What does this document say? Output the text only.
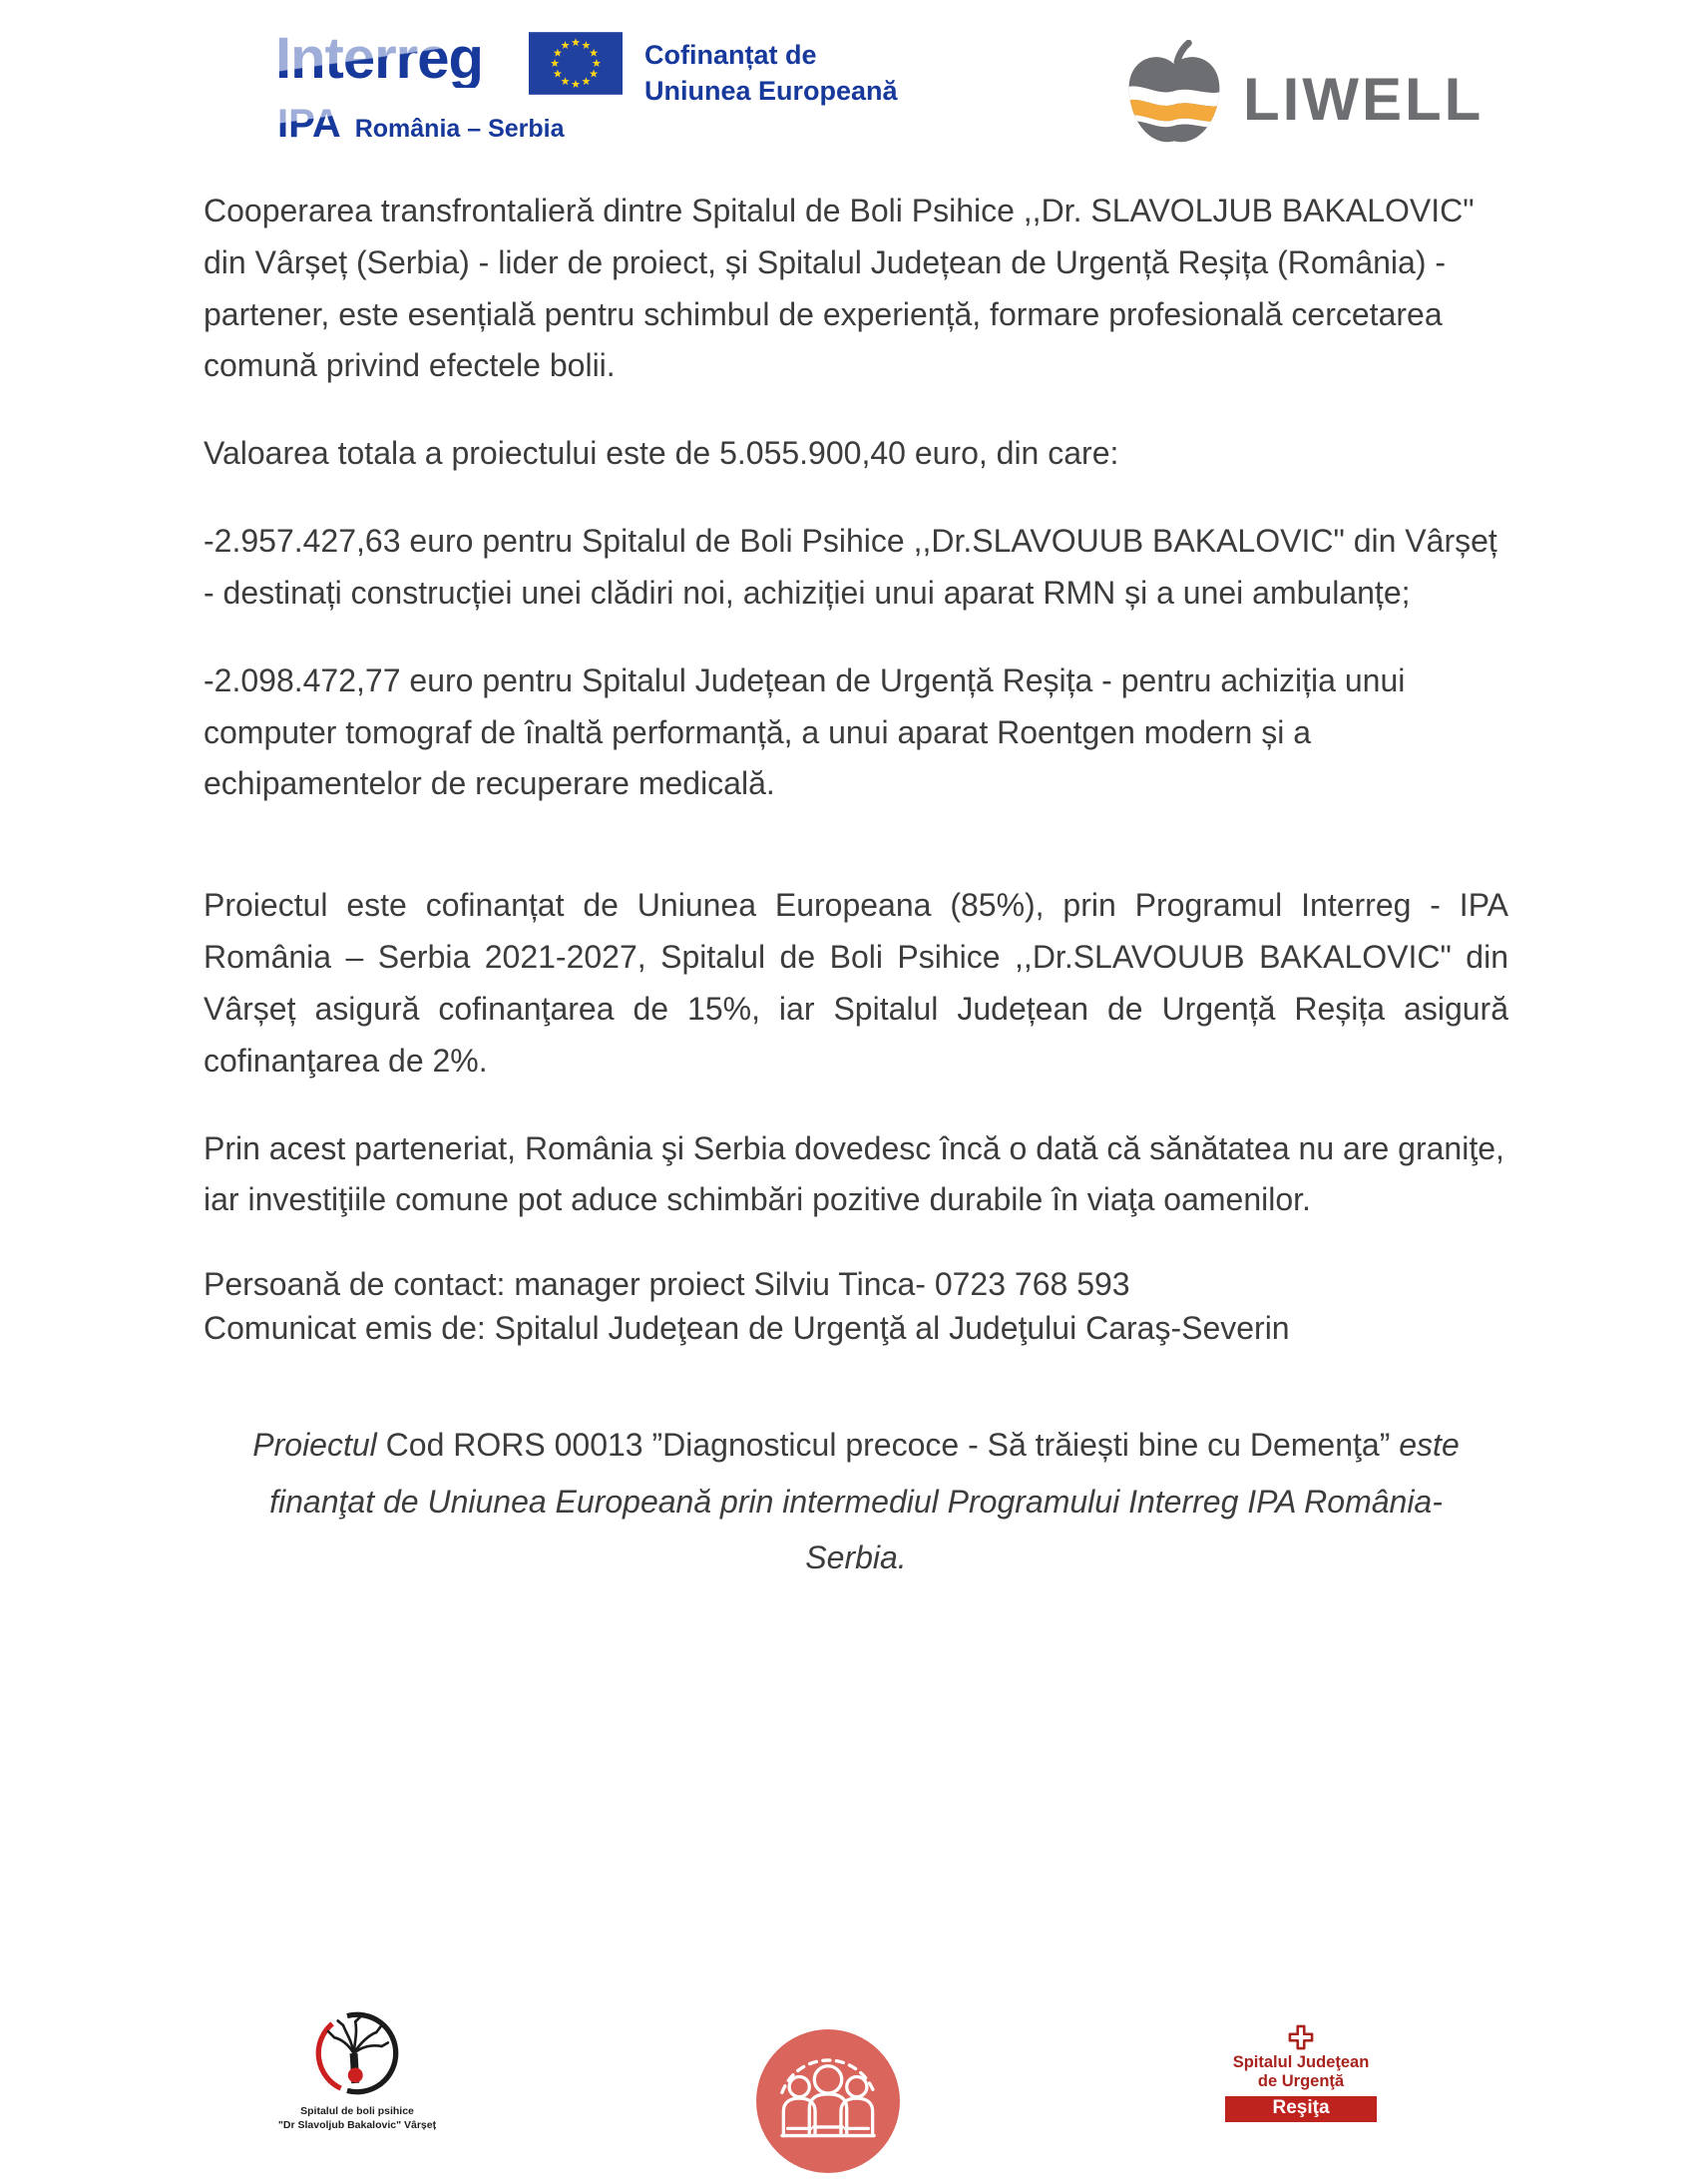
Interreg
IPA România – Serbia
Cofinanțat de
Uniunea Europeană	LIWELL

Cooperarea transfrontalieră dintre Spitalul de Boli Psihice ,,Dr. SLAVOLJUB BAKALOVIC" din Vârșeț (Serbia) - lider de proiect, și Spitalul Județean de Urgență Reșița (România) - partener, este esențială pentru schimbul de experiență, formare profesională cercetarea comună privind efectele bolii.

Valoarea totala a proiectului este de 5.055.900,40 euro, din care:

-2.957.427,63 euro pentru Spitalul de Boli Psihice ,,Dr.SLAVOUUB BAKALOVIC" din Vârșeț - destinați construcției unei clădiri noi, achiziției unui aparat RMN și a unei ambulanțe;

-2.098.472,77 euro pentru Spitalul Județean de Urgență Reșița - pentru achiziția unui computer tomograf de înaltă performanță, a unui aparat Roentgen modern și a echipamentelor de recuperare medicală.

Proiectul este cofinanțat de Uniunea Europeana (85%), prin Programul Interreg - IPA România – Serbia 2021-2027, Spitalul de Boli Psihice ,,Dr.SLAVOUUB BAKALOVIC" din Vârșeț asigură cofinanţarea de 15%, iar Spitalul Județean de Urgență Reșița asigură cofinanţarea de 2%.

Prin acest parteneriat, România şi Serbia dovedesc încă o dată că sănătatea nu are graniţe, iar investiţiile comune pot aduce schimbări pozitive durabile în viaţa oamenilor.

Persoană de contact: manager proiect Silviu Tinca- 0723 768 593
Comunicat emis de: Spitalul Judeţean de Urgenţă al Judeţului Caraş-Severin

Proiectul Cod RORS 00013 ”Diagnosticul precoce - Să trăiești bine cu Demenţa” este finanţat de Uniunea Europeană prin intermediul Programului Interreg IPA România-Serbia.

Spitalul de boli psihice
"Dr Slavoljub Bakalovic" Vârșeț
Spitalul Judeţean
de Urgenţă
Reşiţa
